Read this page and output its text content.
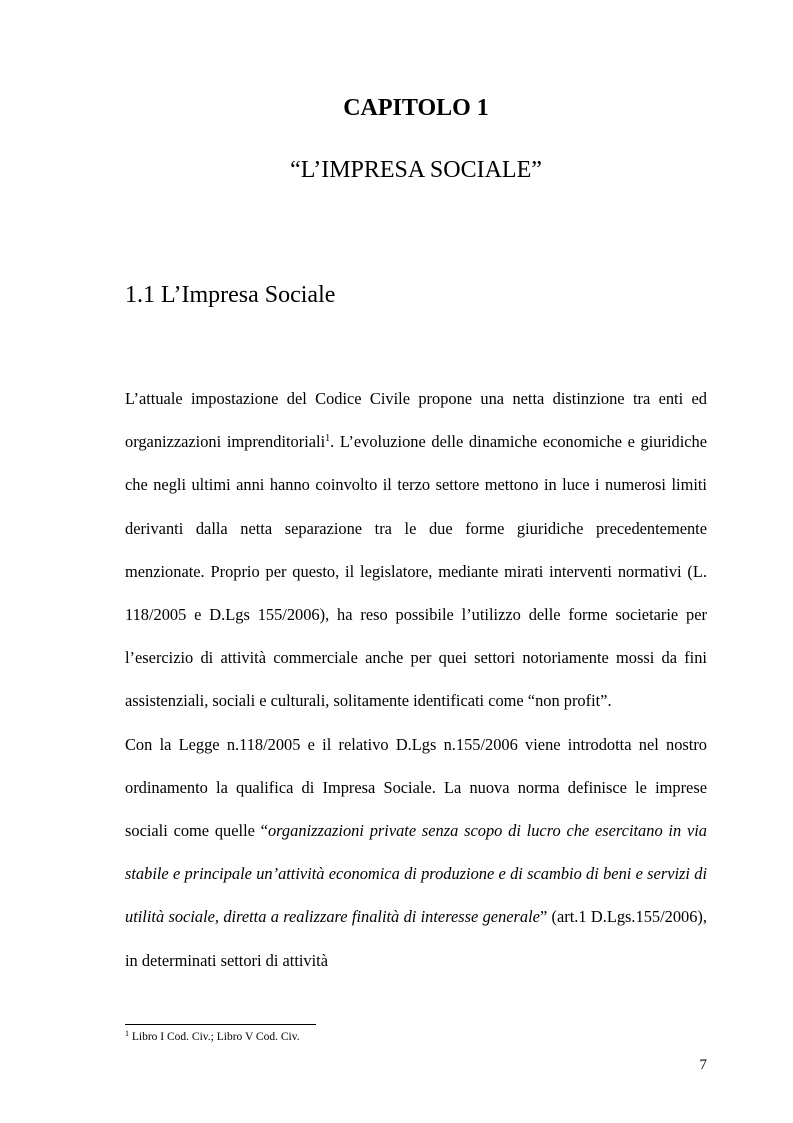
CAPITOLO 1
“L’IMPRESA SOCIALE”
1.1 L’Impresa Sociale

L’attuale impostazione del Codice Civile propone una netta distinzione tra enti ed organizzazioni imprenditoriali$^1$. L’evoluzione delle dinamiche economiche e giuridiche che negli ultimi anni hanno coinvolto il terzo settore mettono in luce i numerosi limiti derivanti dalla netta separazione tra le due forme giuridiche precedentemente menzionate. Proprio per questo, il legislatore, mediante mirati interventi normativi (L. 118/2005 e D.Lgs 155/2006), ha reso possibile l’utilizzo delle forme societarie per l’esercizio di attività commerciale anche per quei settori notoriamente mossi da fini assistenziali, sociali e culturali, solitamente identificati come “non profit”.

Con la Legge n.118/2005 e il relativo D.Lgs n.155/2006 viene introdotta nel nostro ordinamento la qualifica di Impresa Sociale. La nuova norma definisce le imprese sociali come quelle “organizzazioni private senza scopo di lucro che esercitano in via stabile e principale un’attività economica di produzione e di scambio di beni e servizi di utilità sociale, diretta a realizzare finalità di interesse generale” (art.1 D.Lgs.155/2006), in determinati settori di attività

$^1$ Libro I Cod. Civ.; Libro V Cod. Civ.

7
